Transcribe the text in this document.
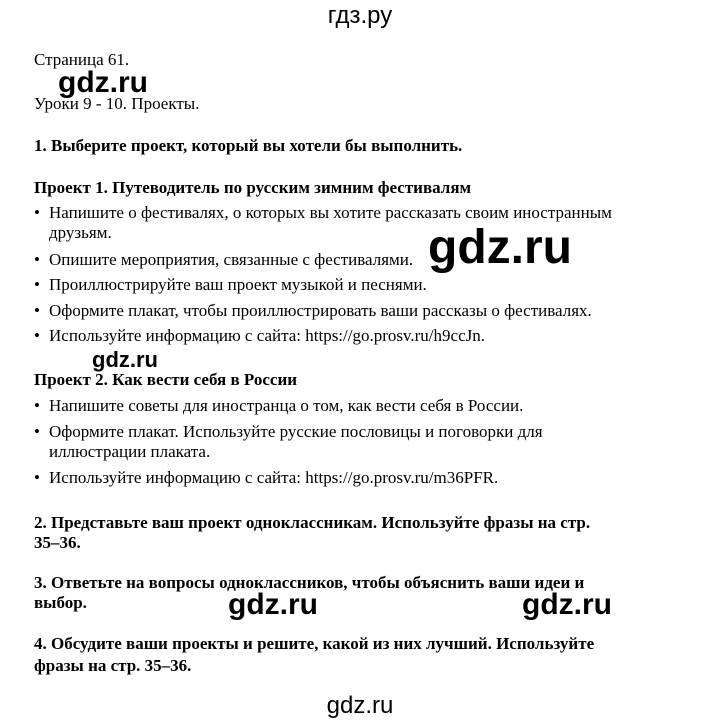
гдз.ру
Страница 61.
Уроки 9 - 10. Проекты.
1. Выберите проект, который вы хотели бы выполнить.
Проект 1. Путеводитель по русским зимним фестивалям
• Напишите о фестивалях, о которых вы хотите рассказать своим иностранным
друзьям.
• Опишите мероприятия, связанные с фестивалями.
• Проиллюстрируйте ваш проект музыкой и песнями.
• Оформите плакат, чтобы проиллюстрировать ваши рассказы о фестивалях.
• Используйте информацию с сайта: https://go.prosv.ru/h9ccJn.
Проект 2. Как вести себя в России
• Напишите советы для иностранца о том, как вести себя в России.
• Оформите плакат. Используйте русские пословицы и поговорки для
иллюстрации плаката.
• Используйте информацию с сайта: https://go.prosv.ru/m36PFR.
2. Представьте ваш проект одноклассникам. Используйте фразы на стр.
35–36.
3. Ответьте на вопросы одноклассников, чтобы объяснить ваши идеи и
выбор.
4. Обсудите ваши проекты и решите, какой из них лучший. Используйте
фразы на стр. 35–36.
gdz.ru
gdz.ru
gdz.ru
gdz.ru	gdz.ru
gdz.ru
